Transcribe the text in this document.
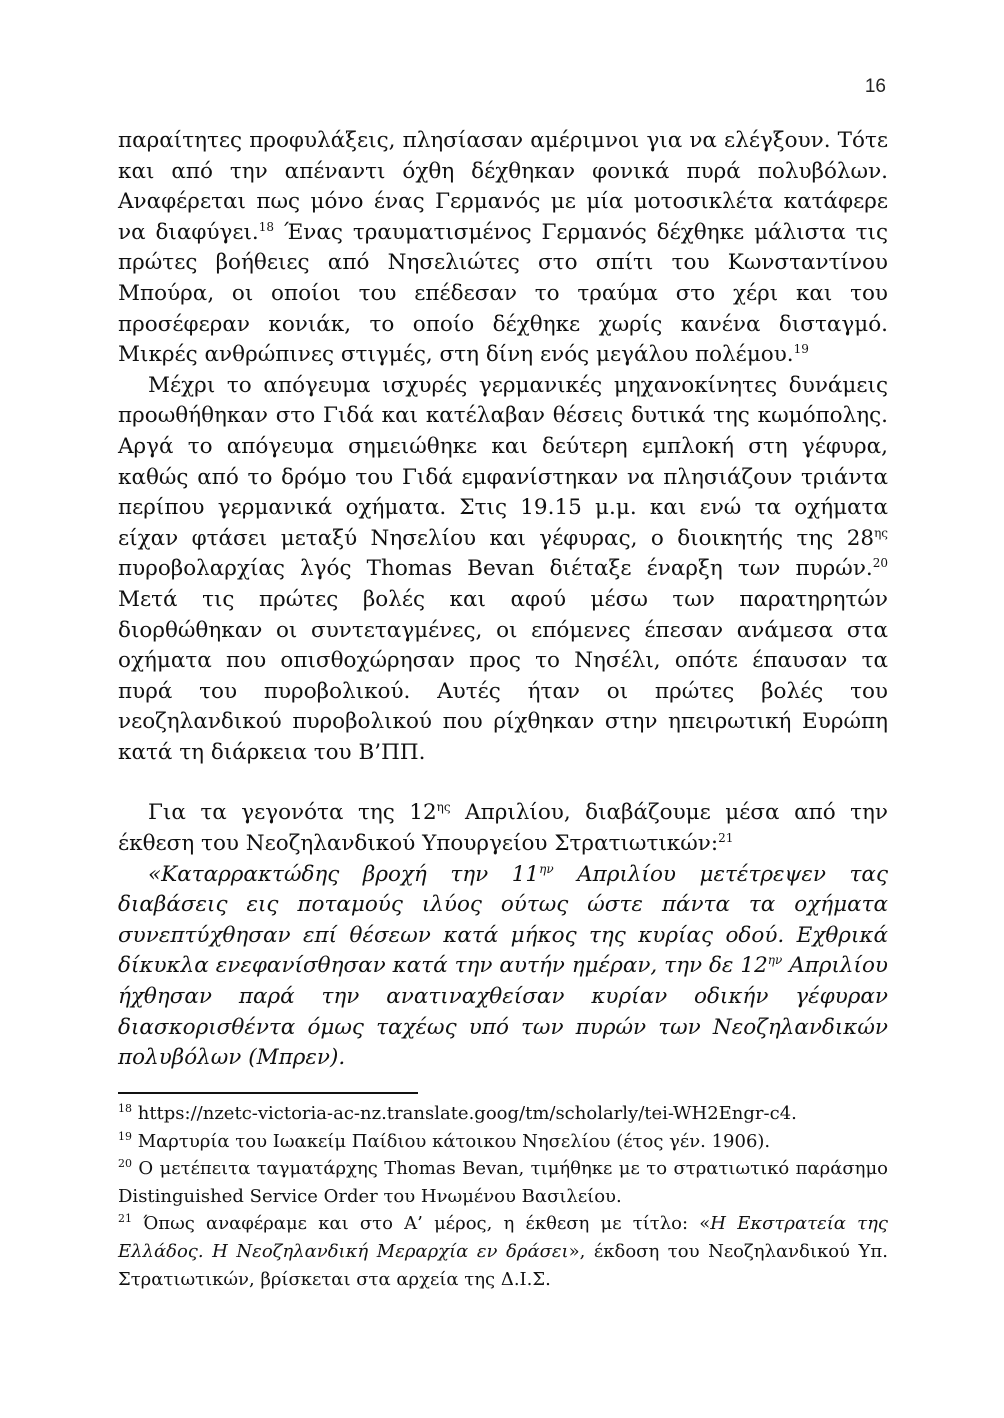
16

παραίτητες προφυλάξεις, πλησίασαν αμέριμνοι για να ελέγξουν. Τότε και από την απέναντι όχθη δέχθηκαν φονικά πυρά πολυβόλων. Αναφέρεται πως μόνο ένας Γερμανός με μία μοτοσικλέτα κατάφερε να διαφύγει.$^{18}$ Ένας τραυματισμένος Γερμανός δέχθηκε μάλιστα τις πρώτες βοήθειες από Νησελιώτες στο σπίτι του Κωνσταντίνου Μπούρα, οι οποίοι του επέδεσαν το τραύμα στο χέρι και του προσέφεραν κονιάκ, το οποίο δέχθηκε χωρίς κανένα δισταγμό. Μικρές ανθρώπινες στιγμές, στη δίνη ενός μεγάλου πολέμου.$^{19}$

Μέχρι το απόγευμα ισχυρές γερμανικές μηχανοκίνητες δυνάμεις προωθήθηκαν στο Γιδά και κατέλαβαν θέσεις δυτικά της κωμόπολης. Αργά το απόγευμα σημειώθηκε και δεύτερη εμπλοκή στη γέφυρα, καθώς από το δρόμο του Γιδά εμφανίστηκαν να πλησιάζουν τριάντα περίπου γερμανικά οχήματα. Στις 19.15 μ.μ. και ενώ τα οχήματα είχαν φτάσει μεταξύ Νησελίου και γέφυρας, ο διοικητής της $28^{\eta\varsigma}$ πυροβολαρχίας λγός Thomas Bevan διέταξε έναρξη των πυρών.$^{20}$ Μετά τις πρώτες βολές και αφού μέσω των παρατηρητών διορθώθηκαν οι συντεταγμένες, οι επόμενες έπεσαν ανάμεσα στα οχήματα που οπισθοχώρησαν προς το Νησέλι, οπότε έπαυσαν τα πυρά του πυροβολικού. Αυτές ήταν οι πρώτες βολές του νεοζηλανδικού πυροβολικού που ρίχθηκαν στην ηπειρωτική Ευρώπη κατά τη διάρκεια του Β’ΠΠ.

Για τα γεγονότα της $12^{\eta\varsigma}$ Απριλίου, διαβάζουμε μέσα από την έκθεση του Νεοζηλανδικού Υπουργείου Στρατιωτικών:$^{21}$

«Καταρρακτώδης βροχή την $11^{\eta\nu}$ Απριλίου μετέτρεψεν τας διαβάσεις εις ποταμούς ιλύος ούτως ώστε πάντα τα οχήματα συνεπτύχθησαν επί θέσεων κατά μήκος της κυρίας οδού. Εχθρικά δίκυκλα ενεφανίσθησαν κατά την αυτήν ημέραν, την δε $12^{\eta\nu}$ Απριλίου ήχθησαν παρά την ανατιναχθείσαν κυρίαν οδικήν γέφυραν διασκορισθέντα όμως ταχέως υπό των πυρών των Νεοζηλανδικών πολυβόλων (Μπρεν).

$^{18}$ https://nzetc-victoria-ac-nz.translate.goog/tm/scholarly/tei-WH2Engr-c4.

$^{19}$ Μαρτυρία του Ιωακείμ Παίδιου κάτοικου Νησελίου (έτος γέν. 1906).

$^{20}$ Ο μετέπειτα ταγματάρχης Thomas Bevan, τιμήθηκε με το στρατιωτικό παράσημο Distinguished Service Order του Ηνωμένου Βασιλείου.

$^{21}$ Όπως αναφέραμε και στο Α’ μέρος, η έκθεση με τίτλο: «Η Εκστρατεία της Ελλάδος. Η Νεοζηλανδική Μεραρχία εν δράσει», έκδοση του Νεοζηλανδικού Υπ. Στρατιωτικών, βρίσκεται στα αρχεία της Δ.Ι.Σ.
